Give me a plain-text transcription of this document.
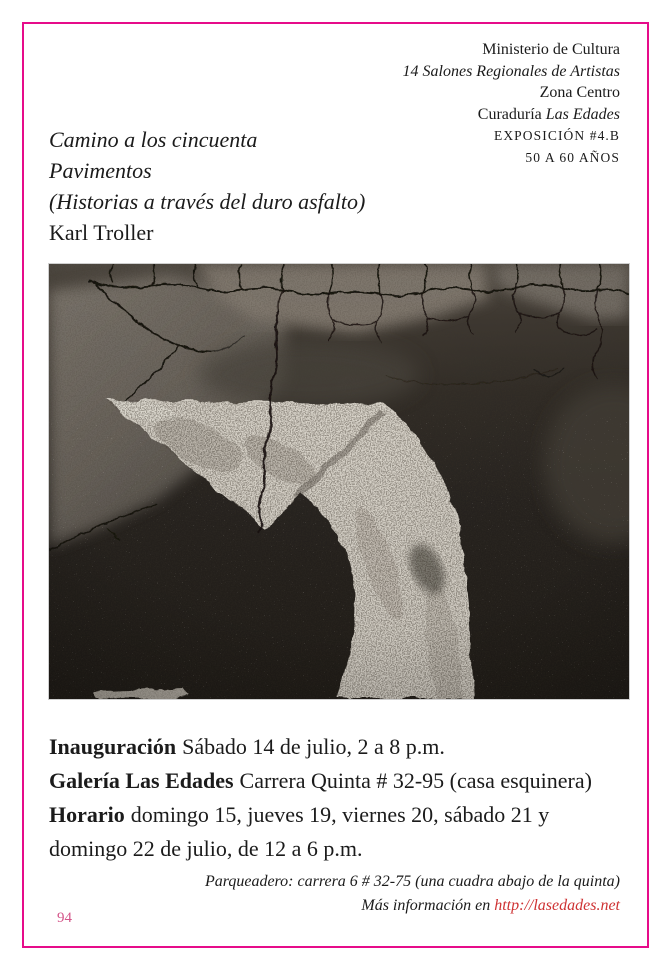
Ministerio de Cultura
14 Salones Regionales de Artistas
Zona Centro
Curaduría Las Edades
EXPOSICIÓN #4.B
50 A 60 AÑOS
Camino a los cincuenta
Pavimentos
(Historias a través del duro asfalto)
Karl Troller

Inauguración Sábado 14 de julio, 2 a 8 p.m.

Galería Las Edades Carrera Quinta # 32-95 (casa esquinera)

Horario domingo 15, jueves 19, viernes 20, sábado 21 y domingo 22 de julio, de 12 a 6 p.m.

Parqueadero: carrera 6 # 32-75 (una cuadra abajo de la quinta)
Más información en http://lasedades.net
94
